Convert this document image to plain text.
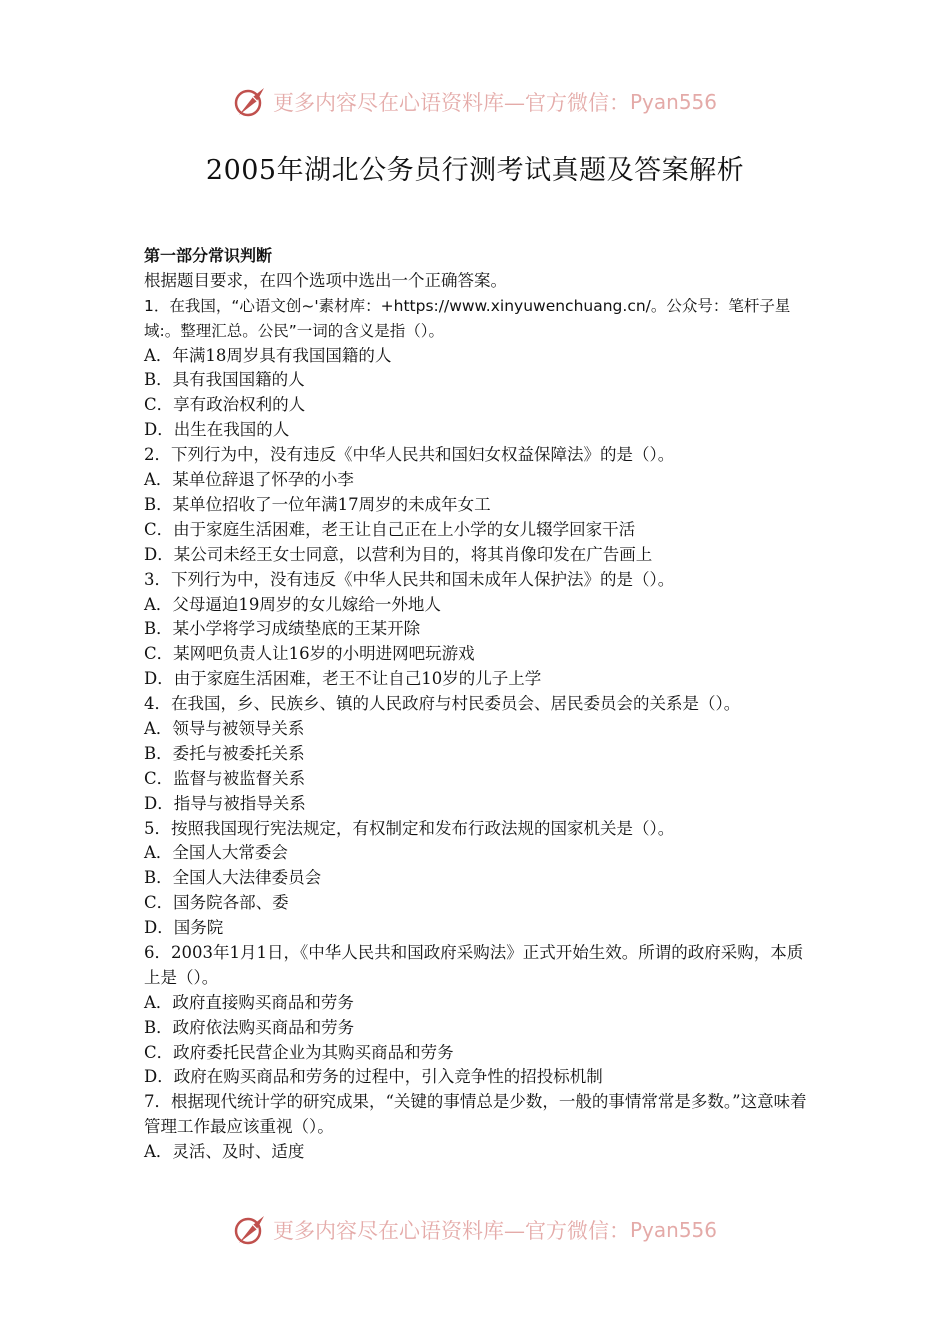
更多内容尽在心语资料库—官方微信： Pyan556
2005年湖北公务员行测考试真题及答案解析
第一部分常识判断
根据题目要求，在四个选项中选出一个正确答案。
1．在我国，“心语文创~'素材库：+https://www.xinyuwenchuang.cn/。公众号：笔杆子星域:。整理汇总。公民”一词的含义是指（）。
A．年满18周岁具有我国国籍的人
B．具有我国国籍的人
C．享有政治权利的人
D．出生在我国的人
2．下列行为中，没有违反《中华人民共和国妇女权益保障法》的是（）。
A．某单位辞退了怀孕的小李
B．某单位招收了一位年满17周岁的未成年女工
C．由于家庭生活困难，老王让自己正在上小学的女儿辍学回家干活
D．某公司未经王女士同意，以营利为目的，将其肖像印发在广告画上
3．下列行为中，没有违反《中华人民共和国未成年人保护法》的是（）。
A．父母逼迫19周岁的女儿嫁给一外地人
B．某小学将学习成绩垫底的王某开除
C．某网吧负责人让16岁的小明进网吧玩游戏
D．由于家庭生活困难，老王不让自己10岁的儿子上学
4．在我国，乡、民族乡、镇的人民政府与村民委员会、居民委员会的关系是（）。
A．领导与被领导关系
B．委托与被委托关系
C．监督与被监督关系
D．指导与被指导关系
5．按照我国现行宪法规定，有权制定和发布行政法规的国家机关是（）。
A．全国人大常委会
B．全国人大法律委员会
C．国务院各部、委
D．国务院
6．2003年1月1日，《中华人民共和国政府采购法》正式开始生效。所谓的政府采购，本质上是（）。
A．政府直接购买商品和劳务
B．政府依法购买商品和劳务
C．政府委托民营企业为其购买商品和劳务
D．政府在购买商品和劳务的过程中，引入竞争性的招投标机制
7．根据现代统计学的研究成果，“关键的事情总是少数，一般的事情常常是多数。”这意味着管理工作最应该重视（）。
A．灵活、及时、适度
更多内容尽在心语资料库—官方微信： Pyan556
